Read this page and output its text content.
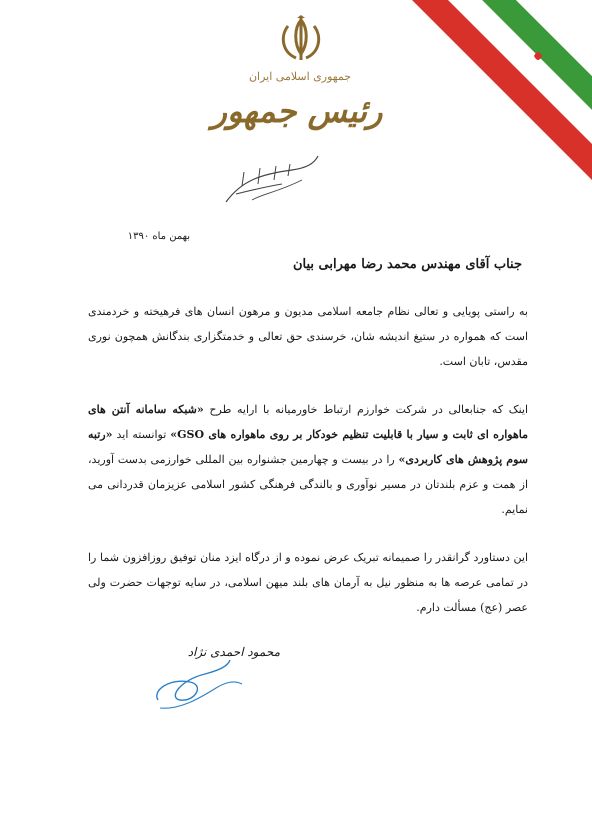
جمهوری اسلامی ایران
رئیس جمهور
بهمن ماه ۱۳۹۰
جناب آقای مهندس محمد رضا مهرابی بیان
به راستی پویایی و تعالی نظام جامعه اسلامی مدیون و مرهون انسان های فرهیخته و خردمندی است که همواره در ستیغ اندیشه شان، خرسندی حق تعالی و خدمتگزاری بندگانش همچون نوری مقدس، تابان است.
اینک که جنابعالی در شرکت خوارزم ارتباط خاورمیانه با ارایه طرح «شبکه سامانه آنتن های ماهواره ای ثابت و سیار با قابلیت تنظیم خودکار بر روی ماهواره های GSO» توانسته اید «رتبه سوم پژوهش های کاربردی» را در بیست و چهارمین جشنواره بین المللی خوارزمی بدست آورید، از همت و عزم بلندتان در مسیر نوآوری و بالندگی فرهنگی کشور اسلامی عزیزمان قدردانی می نمایم.
این دستاورد گرانقدر را صمیمانه تبریک عرض نموده و از درگاه ایزد منان توفیق روزافزون شما را در تمامی عرصه ها به منظور نیل به آرمان های بلند میهن اسلامی، در سایه توجهات حضرت ولی عصر (عج) مسألت دارم.
محمود احمدی نژاد
